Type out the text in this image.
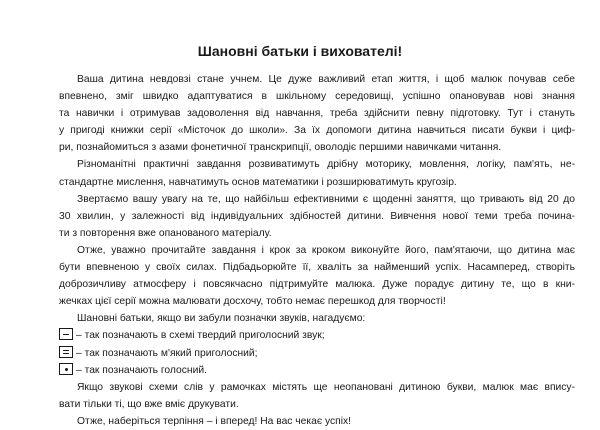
Шановні батьки і вихователі!
Ваша дитина невдовзі стане учнем. Це дуже важливий етап життя, і щоб малюк почував себе
впевнено, зміг швидко адаптуватися в шкільному середовищі, успішно опановував нові знання
та навички і отримував задоволення від навчання, треба здійснити певну підготовку. Тут і стануть
у пригоді книжки серії «Місточок до школи». За їх допомоги дитина навчиться писати букви і циф-
ри, познайомиться з азами фонетичної транскрипції, оволодіє першими навичками читання.
Різноманітні практичні завдання розвиватимуть дрібну моторику, мовлення, логіку, пам'ять, не-
стандартне мислення, навчатимуть основ математики і розширюватимуть кругозір.
Звертаємо вашу увагу на те, що найбільш ефективними є щоденні заняття, що тривають від 20 до
30 хвилин, у залежності від індивідуальних здібностей дитини. Вивчення нової теми треба почина-
ти з повторення вже опанованого матеріалу.
Отже, уважно прочитайте завдання і крок за кроком виконуйте його, пам'ятаючи, що дитина має
бути впевненою у своїх силах. Підбадьорюйте її, хваліть за найменший успіх. Насамперед, створіть
доброзичливу атмосферу і повсякчасно підтримуйте малюка. Дуже порадує дитину те, що в кни-
жечках цієї серії можна малювати досхочу, тобто немає перешкод для творчості!
Шановні батьки, якщо ви забули позначки звуків, нагадуємо:
– так позначають в схемі твердий приголосний звук;
– так позначають м'який приголосний;
– так позначають голосний.
Якщо звукові схеми слів у рамочках містять ще неопановані дитиною букви, малюк має впису-
вати тільки ті, що вже вміє друкувати.
Отже, наберіться терпіння – і вперед! На вас чекає успіх!
